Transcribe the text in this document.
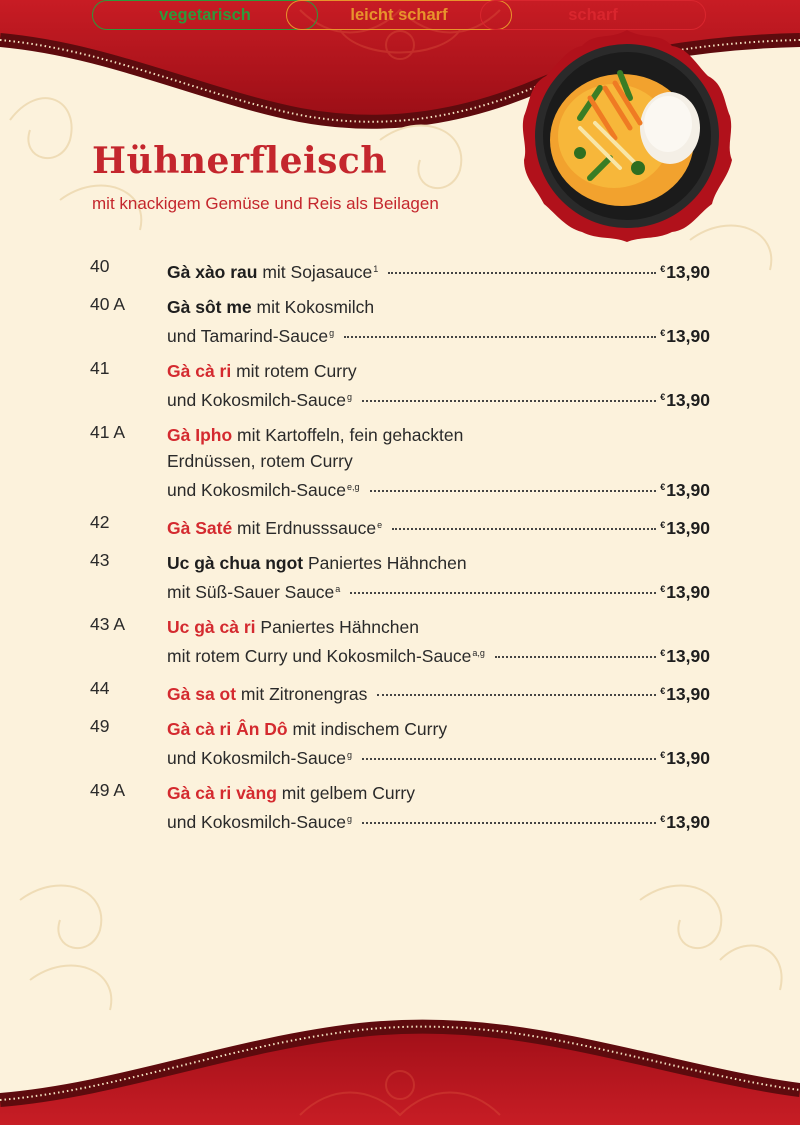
Hühnerfleisch
mit knackigem Gemüse und Reis als Beilagen
40	Gà xào rau mit Sojasauce$^1$	€13,90
40 A	Gà sôt me mit Kokosmilch
und Tamarind-Sauce$^g$	€13,90
41	Gà cà ri mit rotem Curry
und Kokosmilch-Sauce$^g$	€13,90
41 A	Gà Ipho mit Kartoffeln, fein gehackten
Erdnüssen, rotem Curry
und Kokosmilch-Sauce$^{e,g}$	€13,90
42	Gà Saté mit Erdnusssauce$^e$	€13,90
43	Uc gà chua ngot Paniertes Hähnchen
mit Süß-Sauer Sauce$^a$	€13,90
43 A	Uc gà cà ri Paniertes Hähnchen
mit rotem Curry und Kokosmilch-Sauce$^{a,g}$	€13,90
44	Gà sa ot mit Zitronengras	€13,90
49	Gà cà ri Ân Dô mit indischem Curry
und Kokosmilch-Sauce$^g$	€13,90
49 A	Gà cà ri vàng mit gelbem Curry
und Kokosmilch-Sauce$^g$	€13,90
vegetarisch	leicht scharf	scharf
